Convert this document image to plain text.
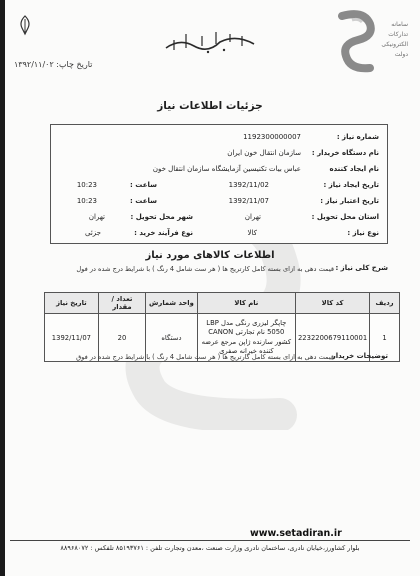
تاریخ چاپ: ۱۳۹۲/۱۱/۰۲
سامانه تدارکات الکترونیکی دولت
جزئیات اطلاعات نیاز
شماره نیاز :
1192300000007
نام دستگاه خریدار :
سازمان انتقال خون ایران
نام ایجاد کننده
عباس بیات تکنیسین آزمایشگاه سازمان انتقال خون
تاریخ ایجاد نیاز :
1392/11/02
ساعت :
10:23
تاریخ اعتبار نیاز :
1392/11/07
ساعت :
10:23
استان محل تحویل :
تهران
شهر محل تحویل :
تهران
نوع نیاز :
کالا
نوع فرآیند خرید :
جزئی
اطلاعات کالاهای مورد نیاز
شرح کلی نیاز :
قیمت دهی به ازای بسته کامل کارتریج ها ( هر ست شامل 4 رنگ ) با شرایط درج شده در فول
ردیف	کد کالا	نام کالا	واحد شمارش	تعداد / مقدار	تاریخ نیاز
1	2232200679110001	چاپگر لیزری رنگی مدل LBP 5050 نام تجارتی CANON کشور سازنده ژاپن مرجع عرضه کننده خیرانه صفری	دستگاه	20	1392/11/07
توضیحات خریدار
قیمت دهی به ازای بسته کامل کارتریج ها ( هر ست شامل 4 رنگ ) با شرایط درج شده در فوق
www.setadiran.ir
بلوار کشاورز،خیابان نادری، ساختمان نادری وزارت صنعت ،معدن وتجارت تلفن : ۸۵۱۹۳۷۶۱ تلفکس : ۸۸۹۶۸۰۷۲
